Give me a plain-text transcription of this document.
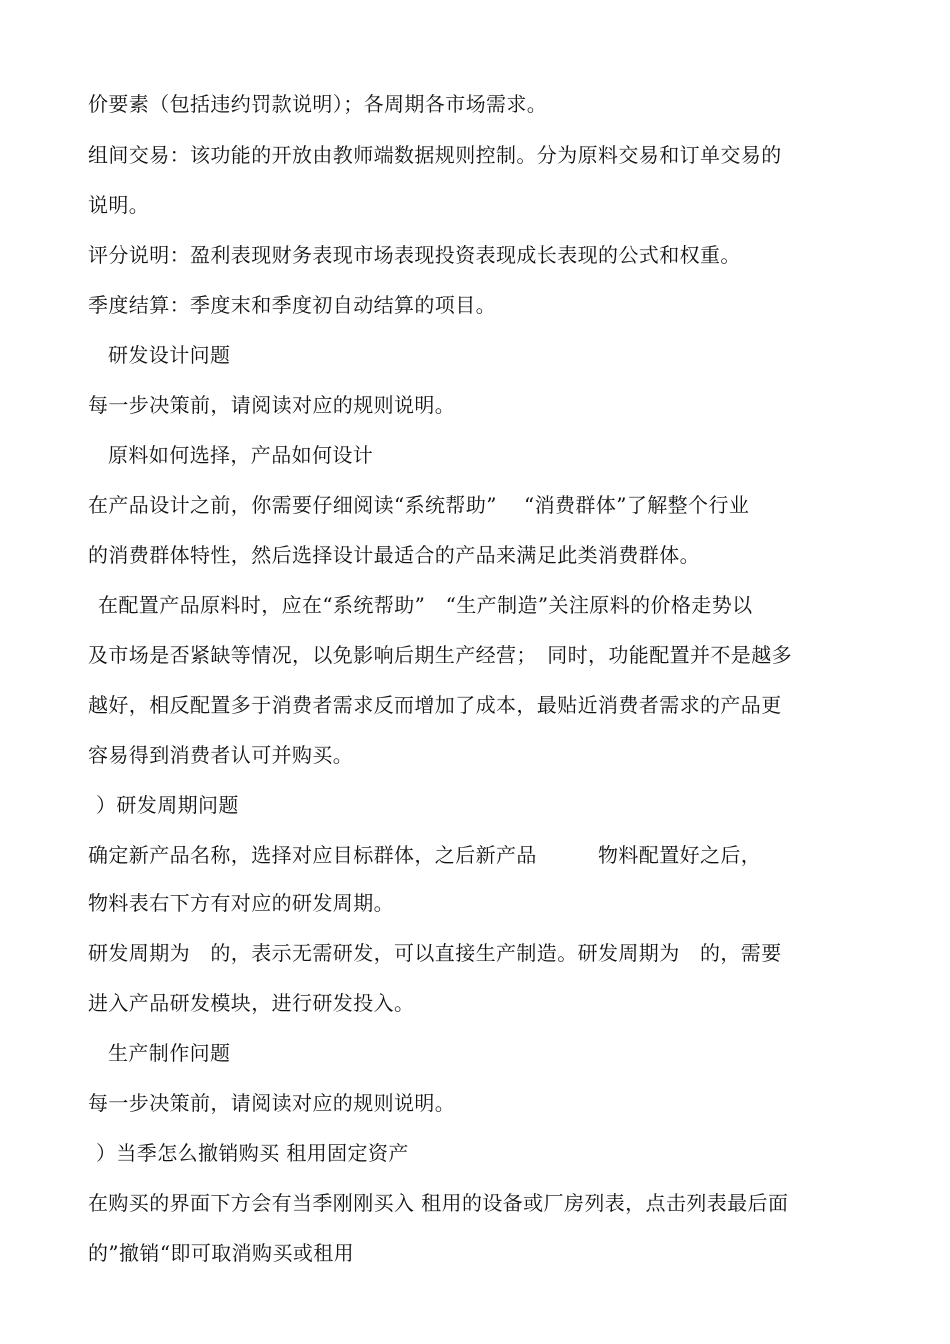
价要素（包括违约罚款说明）；各周期各市场需求。
组间交易：该功能的开放由教师端数据规则控制。分为原料交易和订单交易的
说明。
评分说明：盈利表现财务表现市场表现投资表现成长表现的公式和权重。
季度结算：季度末和季度初自动结算的项目。
研发设计问题
每一步决策前，请阅读对应的规则说明。
原料如何选择，产品如何设计
在产品设计之前，你需要仔细阅读“系统帮助”　 “消费群体”了解整个行业
的消费群体特性，然后选择设计最适合的产品来满足此类消费群体。
在配置产品原料时，应在“系统帮助”　“生产制造”关注原料的价格走势以
及市场是否紧缺等情况，以免影响后期生产经营；　同时，功能配置并不是越多
越好，相反配置多于消费者需求反而增加了成本，最贴近消费者需求的产品更
容易得到消费者认可并购买。
）研发周期问题
确定新产品名称，选择对应目标群体，之后新产品　　　物料配置好之后，
物料表右下方有对应的研发周期。
研发周期为　的，表示无需研发，可以直接生产制造。研发周期为　的，需要
进入产品研发模块，进行研发投入。
生产制作问题
每一步决策前，请阅读对应的规则说明。
）当季怎么撤销购买 租用固定资产
在购买的界面下方会有当季刚刚买入 租用的设备或厂房列表，点击列表最后面
的”撤销“即可取消购买或租用
